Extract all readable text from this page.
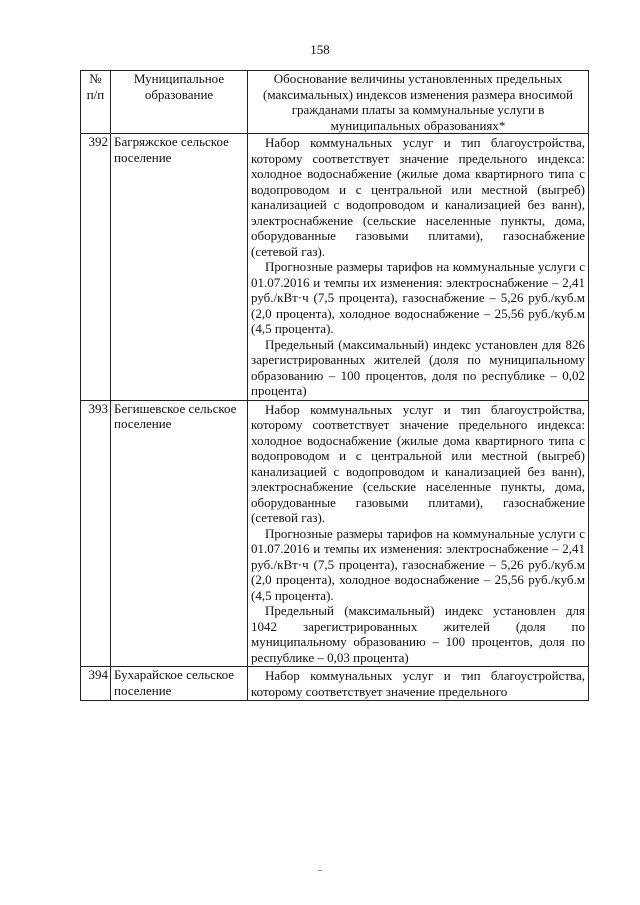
158
№ п/п	Муниципальное образование	Обоснование величины установленных предельных (максимальных) индексов изменения размера вносимой гражданами платы за коммунальные услуги в муниципальных образованиях*
392	Багряжское сельское поселение	Набор коммунальных услуг и тип благоустройства, которому соответствует значение предельного индекса: холодное водоснабжение (жилые дома квартирного типа с водопроводом и с центральной или местной (выгреб) канализацией с водопроводом и канализацией без ванн), электроснабжение (сельские населенные пункты, дома, оборудованные газовыми плитами), газоснабжение (сетевой газ).
Прогнозные размеры тарифов на коммунальные услуги с 01.07.2016 и темпы их изменения: электроснабжение – 2,41 руб./кВт·ч (7,5 процента), газоснабжение – 5,26 руб./куб.м (2,0 процента), холодное водоснабжение – 25,56 руб./куб.м (4,5 процента).
Предельный (максимальный) индекс установлен для 826 зарегистрированных жителей (доля по муниципальному образованию – 100 процентов, доля по республике – 0,02 процента)

393	Бегишевское сельское поселение	Набор коммунальных услуг и тип благоустройства, которому соответствует значение предельного индекса: холодное водоснабжение (жилые дома квартирного типа с водопроводом и с центральной или местной (выгреб) канализацией с водопроводом и канализацией без ванн), электроснабжение (сельские населенные пункты, дома, оборудованные газовыми плитами), газоснабжение (сетевой газ).
Прогнозные размеры тарифов на коммунальные услуги с 01.07.2016 и темпы их изменения: электроснабжение – 2,41 руб./кВт·ч (7,5 процента), газоснабжение – 5,26 руб./куб.м (2,0 процента), холодное водоснабжение – 25,56 руб./куб.м (4,5 процента).
Предельный (максимальный) индекс установлен для 1042 зарегистрированных жителей (доля по муниципальному образованию – 100 процентов, доля по республике – 0,03 процента)

394	Бухарайское сельское поселение	Набор коммунальных услуг и тип благоустройства, которому соответствует значение предельного
